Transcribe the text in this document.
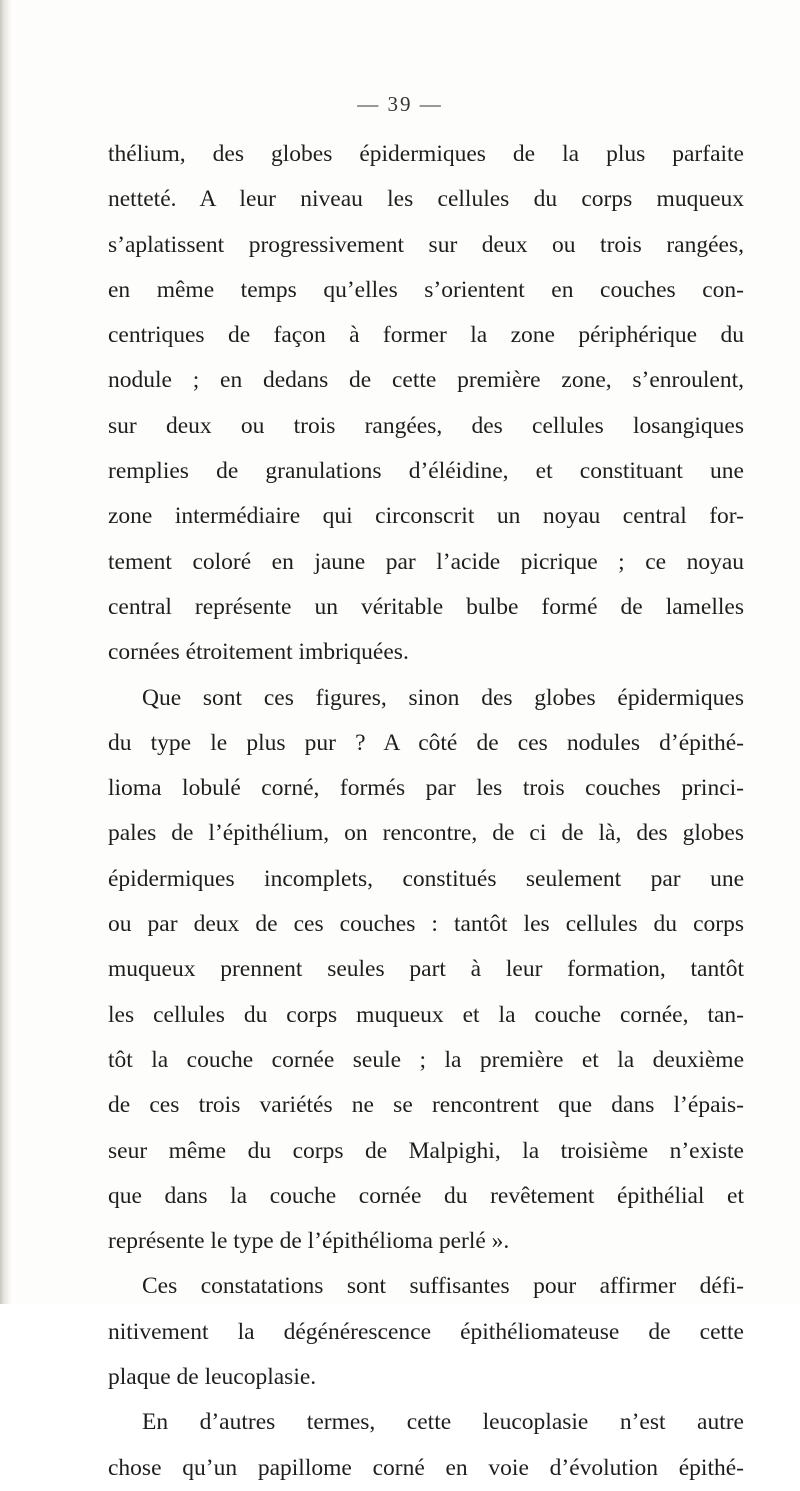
— 39 —
thélium, des globes épidermiques de la plus parfaite
netteté. A leur niveau les cellules du corps muqueux
s’aplatissent progressivement sur deux ou trois rangées,
en même temps qu’elles s’orientent en couches con-
centriques de façon à former la zone périphérique du
nodule ; en dedans de cette première zone, s’enroulent,
sur deux ou trois rangées, des cellules losangiques
remplies de granulations d’éléidine, et constituant une
zone intermédiaire qui circonscrit un noyau central for-
tement coloré en jaune par l’acide picrique ; ce noyau
central représente un véritable bulbe formé de lamelles
cornées étroitement imbriquées.
Que sont ces figures, sinon des globes épidermiques
du type le plus pur ? A côté de ces nodules d’épithé-
lioma lobulé corné, formés par les trois couches princi-
pales de l’épithélium, on rencontre, de ci de là, des globes
épidermiques incomplets, constitués seulement par une
ou par deux de ces couches : tantôt les cellules du corps
muqueux prennent seules part à leur formation, tantôt
les cellules du corps muqueux et la couche cornée, tan-
tôt la couche cornée seule ; la première et la deuxième
de ces trois variétés ne se rencontrent que dans l’épais-
seur même du corps de Malpighi, la troisième n’existe
que dans la couche cornée du revêtement épithélial et
représente le type de l’épithélioma perlé ».
Ces constatations sont suffisantes pour affirmer défi-
nitivement la dégénérescence épithéliomateuse de cette
plaque de leucoplasie.
En d’autres termes, cette leucoplasie n’est autre
chose qu’un papillome corné en voie d’évolution épithé-
